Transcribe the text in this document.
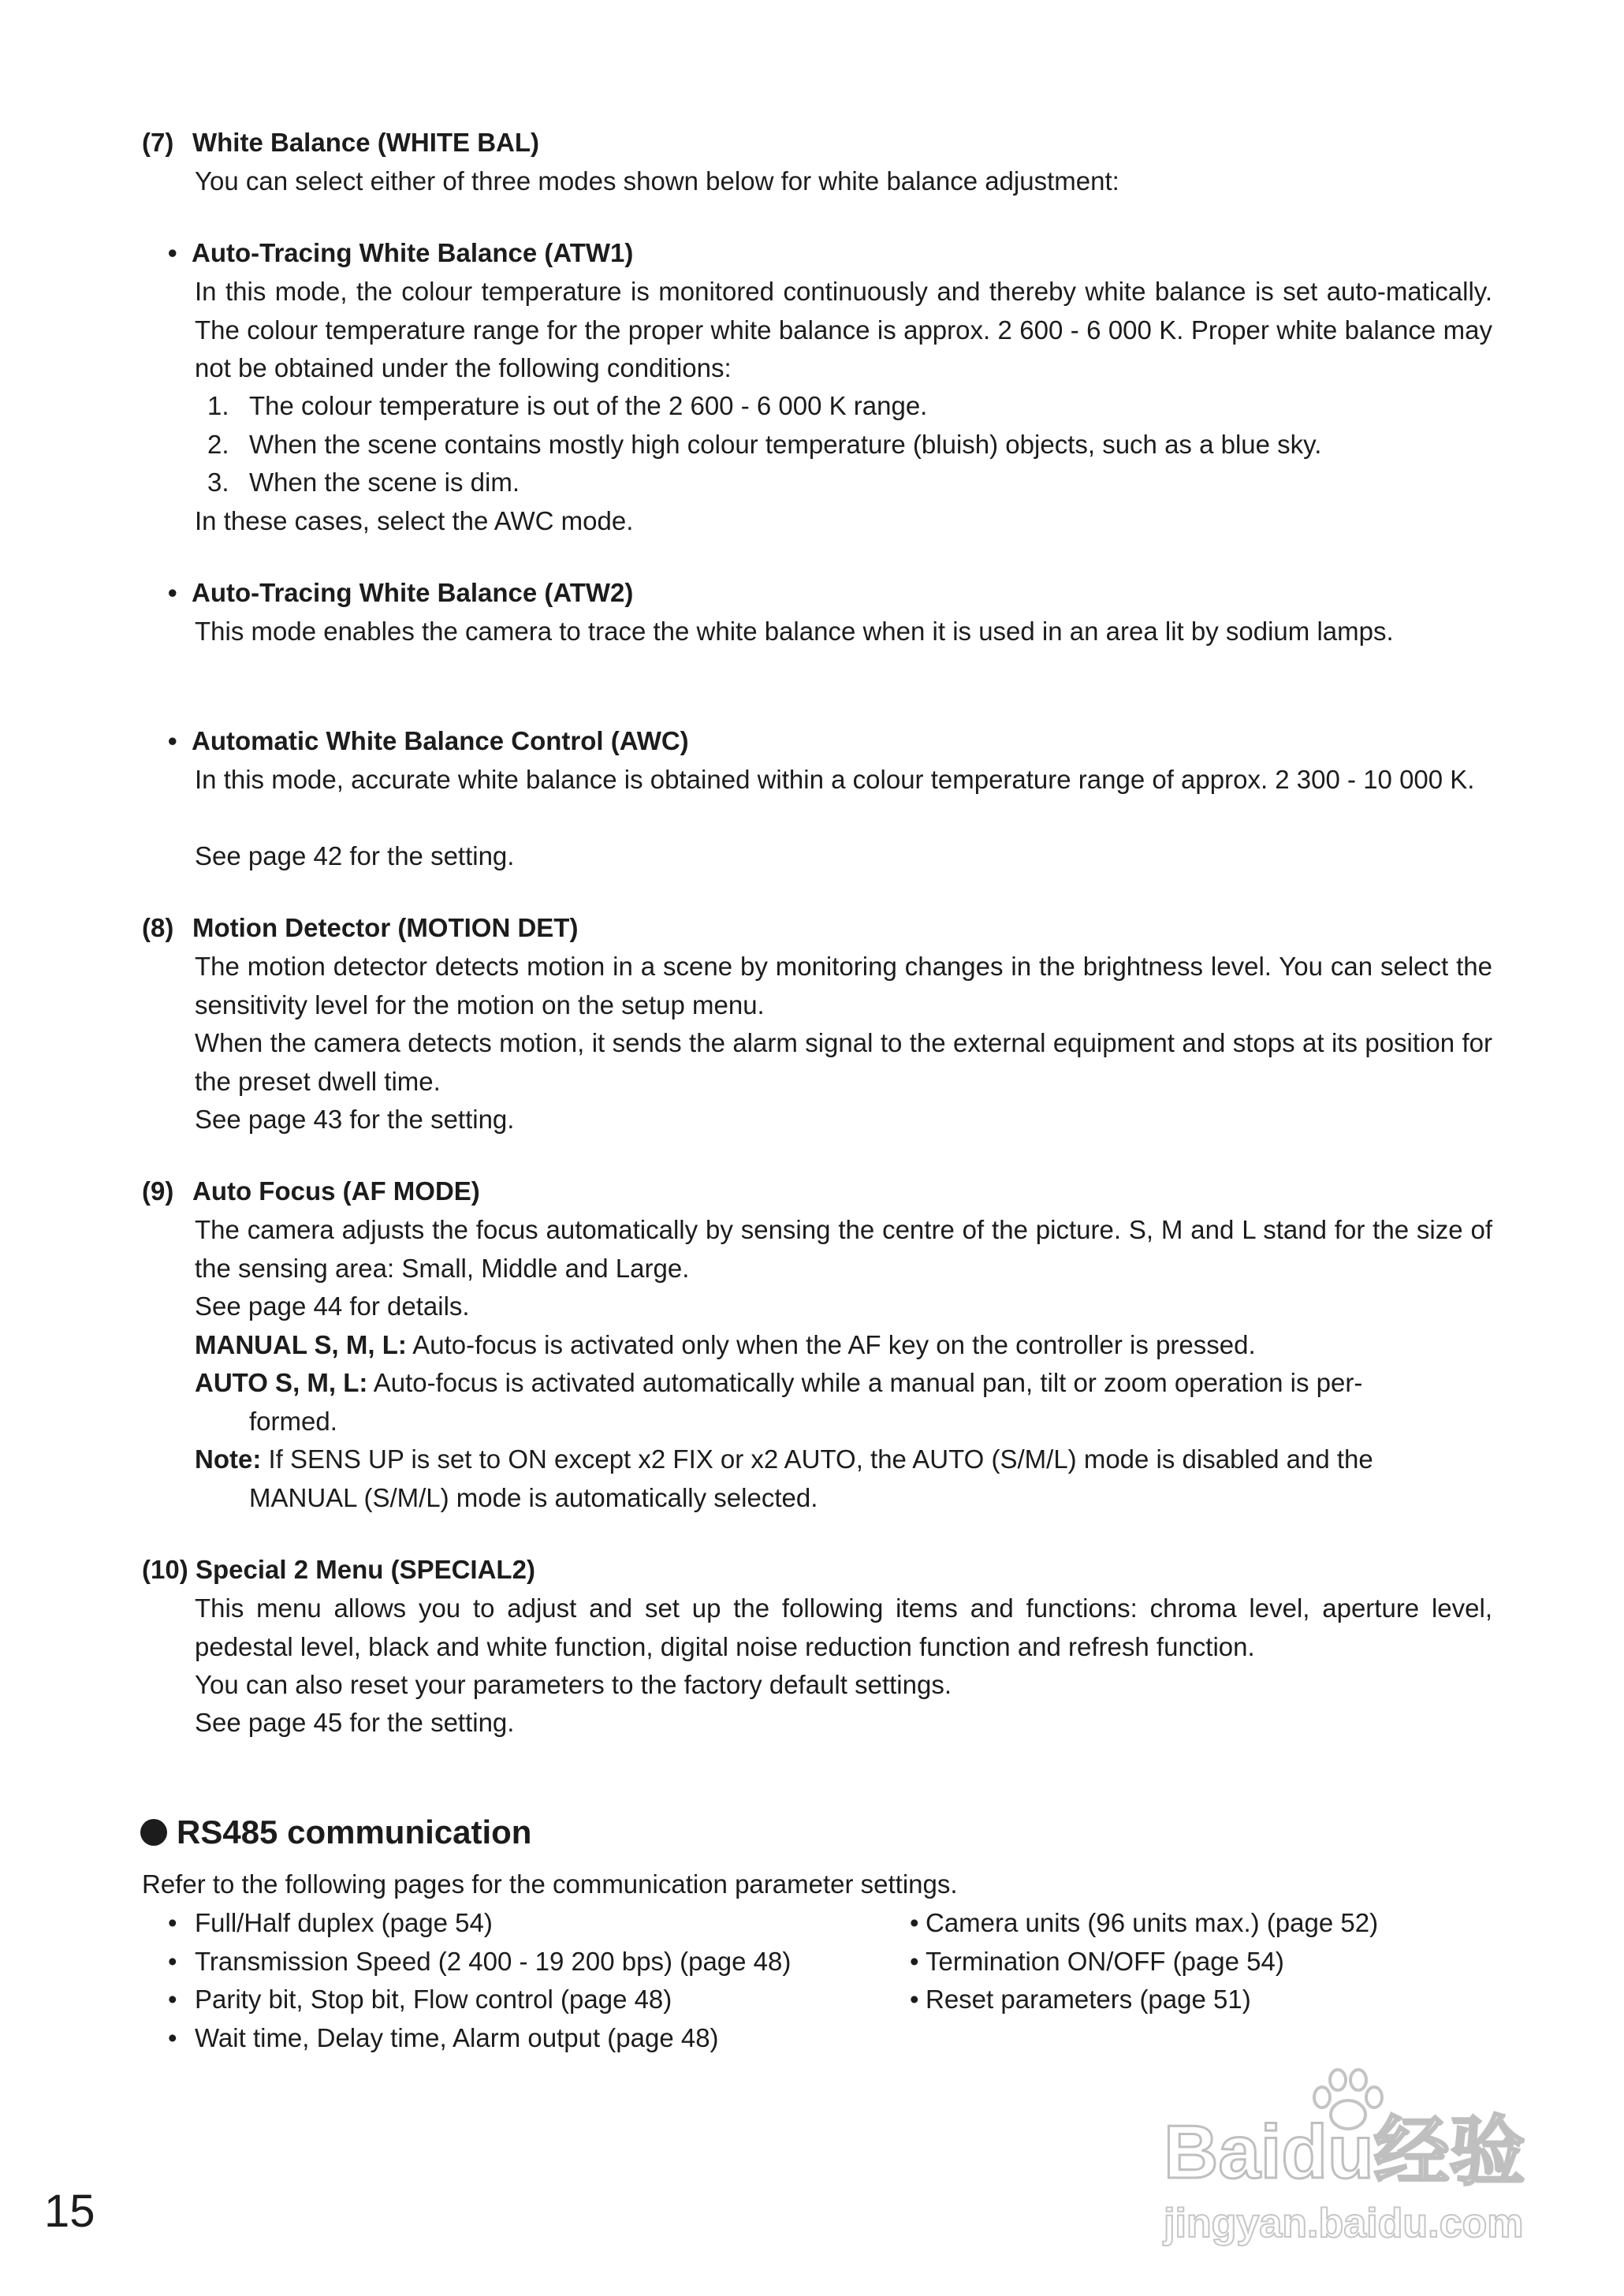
(7) White Balance (WHITE BAL)
You can select either of three modes shown below for white balance adjustment:
• Auto-Tracing White Balance (ATW1)
In this mode, the colour temperature is monitored continuously and thereby white balance is set auto-matically. The colour temperature range for the proper white balance is approx. 2 600 - 6 000 K. Proper white balance may not be obtained under the following conditions:
1. The colour temperature is out of the 2 600 - 6 000 K range.
2. When the scene contains mostly high colour temperature (bluish) objects, such as a blue sky.
3. When the scene is dim.
In these cases, select the AWC mode.
• Auto-Tracing White Balance (ATW2)
This mode enables the camera to trace the white balance when it is used in an area lit by sodium lamps.
• Automatic White Balance Control (AWC)
In this mode, accurate white balance is obtained within a colour temperature range of approx. 2 300 - 10 000 K.
See page 42 for the setting.
(8) Motion Detector (MOTION DET)
The motion detector detects motion in a scene by monitoring changes in the brightness level. You can select the sensitivity level for the motion on the setup menu.
When the camera detects motion, it sends the alarm signal to the external equipment and stops at its position for the preset dwell time.
See page 43 for the setting.
(9) Auto Focus (AF MODE)
The camera adjusts the focus automatically by sensing the centre of the picture. S, M and L stand for the size of the sensing area: Small, Middle and Large.
See page 44 for details.
MANUAL S, M, L: Auto-focus is activated only when the AF key on the controller is pressed.
AUTO S, M, L: Auto-focus is activated automatically while a manual pan, tilt or zoom operation is per-
formed.
Note: If SENS UP is set to ON except x2 FIX or x2 AUTO, the AUTO (S/M/L) mode is disabled and the
MANUAL (S/M/L) mode is automatically selected.
(10) Special 2 Menu (SPECIAL2)
This menu allows you to adjust and set up the following items and functions: chroma level, aperture level, pedestal level, black and white function, digital noise reduction function and refresh function.
You can also reset your parameters to the factory default settings.
See page 45 for the setting.
RS485 communication
Refer to the following pages for the communication parameter settings.
• Full/Half duplex (page 54)
• Transmission Speed (2 400 - 19 200 bps) (page 48)
• Parity bit, Stop bit, Flow control (page 48)
• Wait time, Delay time, Alarm output (page 48)
• Camera units (96 units max.) (page 52)
• Termination ON/OFF (page 54)
• Reset parameters (page 51)
15
Baidu经验
jingyan.baidu.com
